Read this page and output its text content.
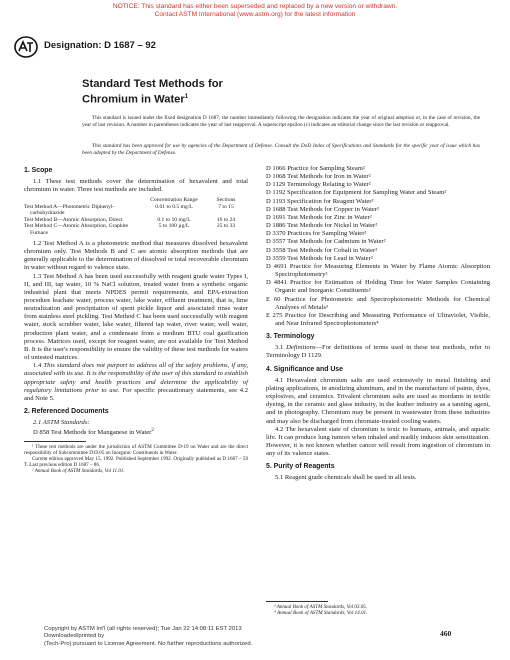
NOTICE: This standard has either been superseded and replaced by a new version or withdrawn.
Contact ASTM International (www.astm.org) for the latest information
Designation: D 1687 – 92
Standard Test Methods for
Chromium in Water$^1$

This standard is issued under the fixed designation D 1687; the number immediately following the designation indicates the year of original adoption or, in the case of revision, the year of last revision. A number in parentheses indicates the year of last reapproval. A superscript epsilon (ε) indicates an editorial change since the last revision or reapproval.

This standard has been approved for use by agencies of the Department of Defense. Consult the DoD Index of Specifications and Standards for the specific year of issue which has been adopted by the Department of Defense.

1. Scope

1.1 These test methods cover the determination of hexavalent and total chromium in water. Three test methods are included.

	Concentration Range	Sections
Test Method A—Photometric Diphenyl-carbohydrazide	0.01 to 0.5 mg/L	7 to 15
Test Method B—Atomic Absorption, Direct	0.1 to 10 mg/L	16 to 24
Test Method C—Atomic Absorption, Graphite Furnace	5 to 100 µg/L	25 to 33

1.2 Test Method A is a photometric method that measures dissolved hexavalent chromium only. Test Methods B and C are atomic absorption methods that are generally applicable to the determination of dissolved or total recoverable chromium in water without regard to valence state.

1.3 Test Method A has been used successfully with reagent grade water Types I, II, and III, tap water, 10 % NaCl solution, treated water from a synthetic organic industrial plant that meets NPDES permit requirements, and EPA-extraction procedure leachate water, process water, lake water, effluent treatment, that is, lime neutralization and precipitation of spent pickle liquor and associated rinse water from stainless steel pickling. Test Method C has been used successfully with reagent water, stock scrubber water, lake water, filtered tap water, river water, well water, production plant water, and a condensate from a medium BTU coal gasification process. Matrices used, except for reagent water, are not available for Test Method B. It is the user's responsibility to ensure the validity of these test methods for waters of untested matrices.

1.4 This standard does not purport to address all of the safety problems, if any, associated with its use. It is the responsibility of the user of this standard to establish appropriate safety and health practices and determine the applicability of regulatory limitations prior to use. For specific precautionary statements, see 4.2 and Note 5.

2. Referenced Documents

2.1 ASTM Standards:

D 858 Test Methods for Manganese in Water$^2$

¹ These test methods are under the jurisdiction of ASTM Committee D-19 on Water and are the direct responsibility of Subcommittee D19.05 on Inorganic Constituents in Water.

Current edition approved May 15, 1992. Published September 1992. Originally published as D 1687 – 59 T. Last previous edition D 1687 – 86.

² Annual Book of ASTM Standards, Vol 11.01.

D 1066 Practice for Sampling Steam²

D 1068 Test Methods for Iron in Water²

D 1129 Terminology Relating to Water²

D 1192 Specification for Equipment for Sampling Water and Steam²

D 1193 Specification for Reagent Water²

D 1688 Test Methods for Copper in Water²

D 1691 Test Methods for Zinc in Water²

D 1886 Test Methods for Nickel in Water²

D 3370 Practices for Sampling Water²

D 3557 Test Methods for Cadmium in Water²

D 3558 Test Methods for Cobalt in Water²

D 3559 Test Methods for Lead in Water²

D 4691 Practice for Measuring Elements in Water by Flame Atomic Absorption Spectrophotometry²

D 4841 Practice for Estimation of Holding Time for Water Samples Containing Organic and Inorganic Constituents²

E 60 Practice for Photometric and Spectrophotometric Methods for Chemical Analyses of Metals³

E 275 Practice for Describing and Measuring Performance of Ultraviolet, Visible, and Near Infrared Spectrophotometers⁴

3. Terminology

3.1 Definitions—For definitions of terms used in these test methods, refer to Terminology D 1129.

4. Significance and Use

4.1 Hexavalent chromium salts are used extensively in metal finishing and plating applications, in anodizing aluminum, and in the manufacture of paints, dyes, explosives, and ceramics. Trivalent chromium salts are used as mordants in textile dyeing, in the ceramic and glass industry, in the leather industry as a tanning agent, and in photography. Chromium may be present in wastewater from these industries and may also be discharged from chromate-treated cooling waters.

4.2 The hexavalent state of chromium is toxic to humans, animals, and aquatic life. It can produce lung tumors when inhaled and readily induces skin sensitization. However, it is not known whether cancer will result from ingestion of chromium in any of its valence states.

5. Purity of Reagents

5.1 Reagent grade chemicals shall be used in all tests.

³ Annual Book of ASTM Standards, Vol 03.05.

⁴ Annual Book of ASTM Standards, Vol 14.01.

Copyright by ASTM Int'l (all rights reserved); Tue Jan 22 14:08:11 EST 2013
Downloaded/printed by
(Tech-Pro) pursuant to License Agreement. No further reproductions authorized.
460
